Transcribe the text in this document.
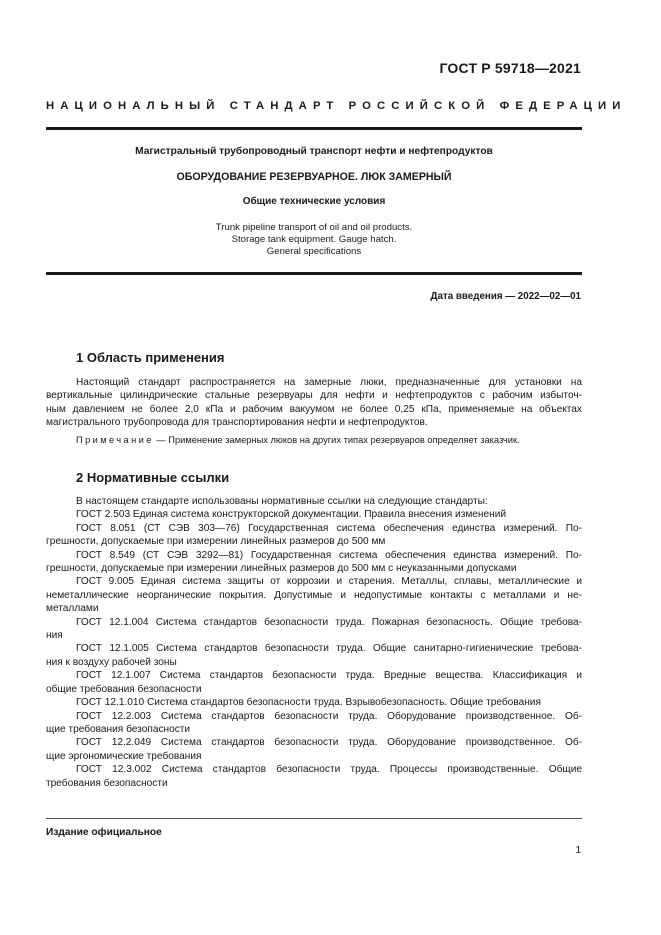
ГОСТ Р 59718—2021
НАЦИОНАЛЬНЫЙ СТАНДАРТ РОССИЙСКОЙ ФЕДЕРАЦИИ
Магистральный трубопроводный транспорт нефти и нефтепродуктов
ОБОРУДОВАНИЕ РЕЗЕРВУАРНОЕ. ЛЮК ЗАМЕРНЫЙ
Общие технические условия
Trunk pipeline transport of oil and oil products.
Storage tank equipment. Gauge hatch.
General specifications
Дата введения — 2022—02—01
1 Область применения
Настоящий стандарт распространяется на замерные люки, предназначенные для установки на
вертикальные цилиндрические стальные резервуары для нефти и нефтепродуктов с рабочим избыточ-
ным давлением не более 2,0 кПа и рабочим вакуумом не более 0,25 кПа, применяемые на объектах
магистрального трубопровода для транспортирования нефти и нефтепродуктов.
Примечание — Применение замерных люков на других типах резервуаров определяет заказчик.
2 Нормативные ссылки
В настоящем стандарте использованы нормативные ссылки на следующие стандарты:
ГОСТ 2.503 Единая система конструкторской документации. Правила внесения изменений
ГОСТ 8.051 (СТ СЭВ 303—76) Государственная система обеспечения единства измерений. По-
грешности, допускаемые при измерении линейных размеров до 500 мм
ГОСТ 8.549 (СТ СЭВ 3292—81) Государственная система обеспечения единства измерений. По-
грешности, допускаемые при измерении линейных размеров до 500 мм с неуказанными допусками
ГОСТ 9.005 Единая система защиты от коррозии и старения. Металлы, сплавы, металлические и
неметаллические неорганические покрытия. Допустимые и недопустимые контакты с металлами и не-
металлами
ГОСТ 12.1.004 Система стандартов безопасности труда. Пожарная безопасность. Общие требова-
ния
ГОСТ 12.1.005 Система стандартов безопасности труда. Общие санитарно-гигиенические требова-
ния к воздуху рабочей зоны
ГОСТ 12.1.007 Система стандартов безопасности труда. Вредные вещества. Классификация и
общие требования безопасности
ГОСТ 12.1.010 Система стандартов безопасности труда. Взрывобезопасность. Общие требования
ГОСТ 12.2.003 Система стандартов безопасности труда. Оборудование производственное. Об-
щие требования безопасности
ГОСТ 12.2.049 Система стандартов безопасности труда. Оборудование производственное. Об-
щие эргономические требования
ГОСТ 12.3.002 Система стандартов безопасности труда. Процессы производственные. Общие
требования безопасности
Издание официальное
1
